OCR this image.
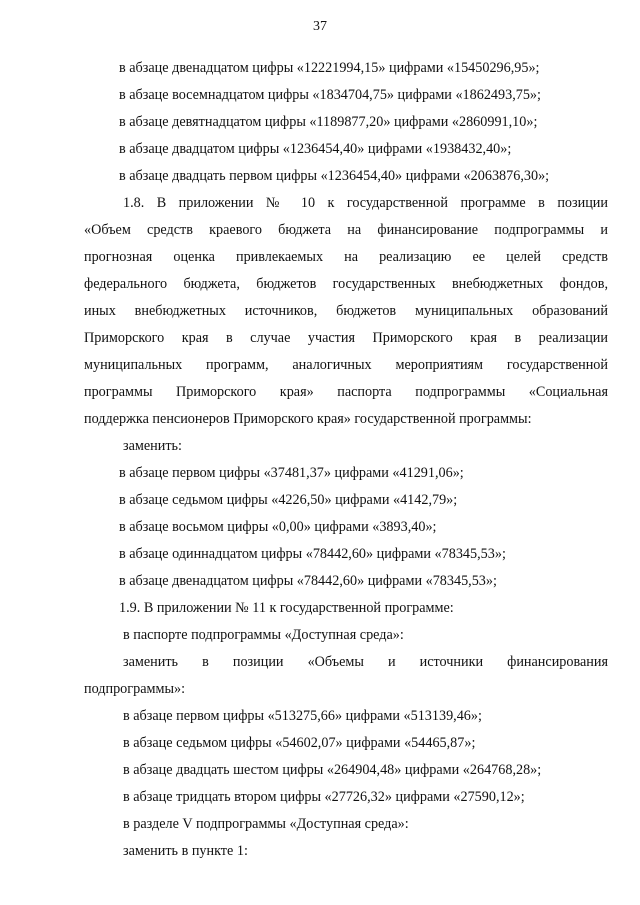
37
в абзаце двенадцатом цифры «12221994,15» цифрами «15450296,95»;
в абзаце восемнадцатом цифры «1834704,75» цифрами «1862493,75»;
в абзаце девятнадцатом цифры «1189877,20» цифрами «2860991,10»;
в абзаце двадцатом цифры «1236454,40» цифрами «1938432,40»;
в абзаце двадцать первом цифры «1236454,40» цифрами «2063876,30»;
1.8. В приложении № 10 к государственной программе в позиции
«Объем средств краевого бюджета на финансирование подпрограммы и
прогнозная оценка привлекаемых на реализацию ее целей средств
федерального бюджета, бюджетов государственных внебюджетных фондов,
иных внебюджетных источников, бюджетов муниципальных образований
Приморского края в случае участия Приморского края в реализации
муниципальных программ, аналогичных мероприятиям государственной
программы Приморского края» паспорта подпрограммы «Социальная
поддержка пенсионеров Приморского края» государственной программы:
заменить:
в абзаце первом цифры «37481,37» цифрами «41291,06»;
в абзаце седьмом цифры «4226,50» цифрами «4142,79»;
в абзаце восьмом цифры «0,00» цифрами «3893,40»;
в абзаце одиннадцатом цифры «78442,60» цифрами «78345,53»;
в абзаце двенадцатом цифры «78442,60» цифрами «78345,53»;
1.9. В приложении № 11 к государственной программе:
в паспорте подпрограммы «Доступная среда»:
заменить в позиции «Объемы и источники финансирования
подпрограммы»:
в абзаце первом цифры «513275,66» цифрами «513139,46»;
в абзаце седьмом цифры «54602,07» цифрами «54465,87»;
в абзаце двадцать шестом цифры «264904,48» цифрами «264768,28»;
в абзаце тридцать втором цифры «27726,32» цифрами «27590,12»;
в разделе V подпрограммы «Доступная среда»:
заменить в пункте 1:
